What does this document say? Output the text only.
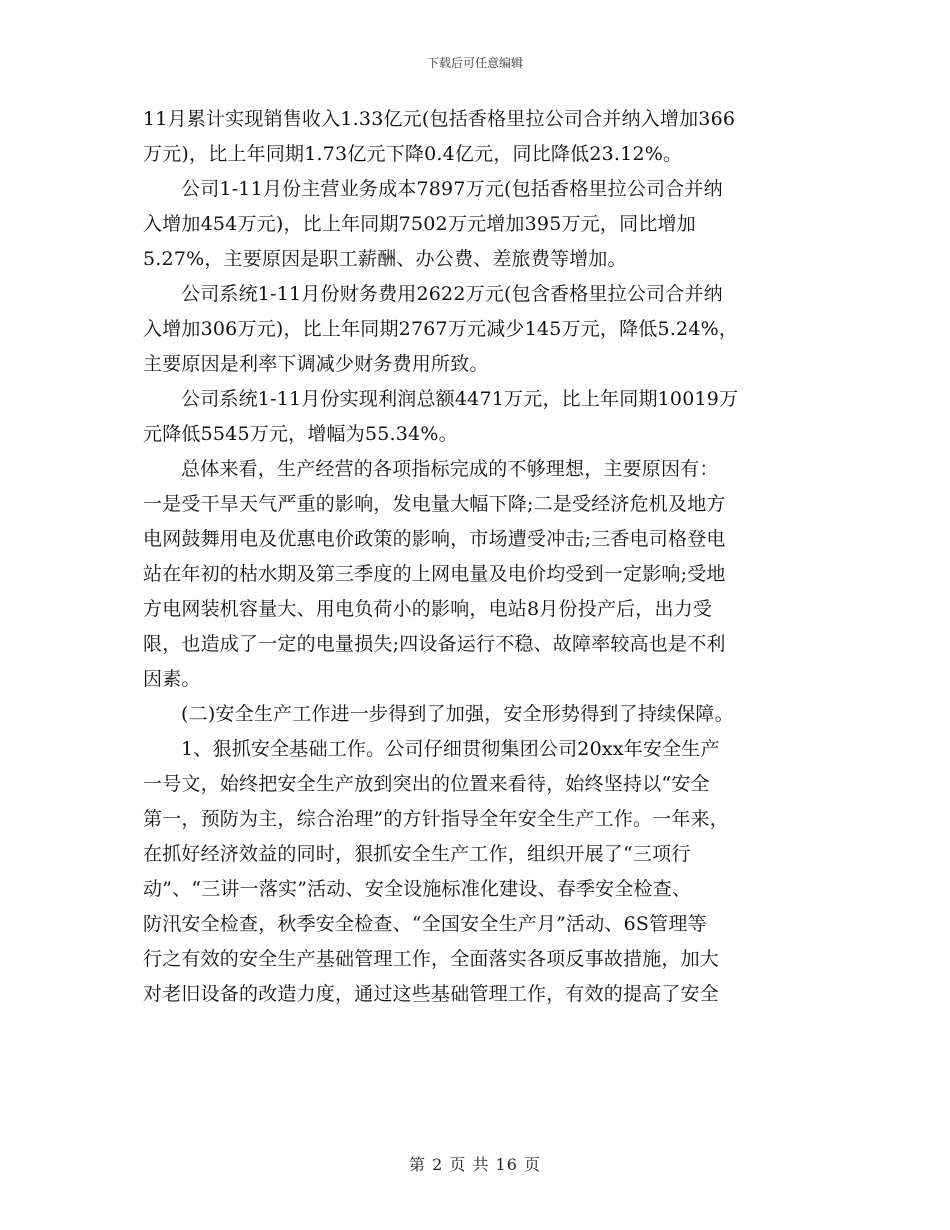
下载后可任意编辑
11月累计实现销售收入1.33亿元(包括香格里拉公司合并纳入增加366
万元)，比上年同期1.73亿元下降0.4亿元，同比降低23.12%。
公司1-11月份主营业务成本7897万元(包括香格里拉公司合并纳
入增加454万元)，比上年同期7502万元增加395万元，同比增加
5.27%，主要原因是职工薪酬、办公费、差旅费等增加。
公司系统1-11月份财务费用2622万元(包含香格里拉公司合并纳
入增加306万元)，比上年同期2767万元减少145万元，降低5.24%，
主要原因是利率下调减少财务费用所致。
公司系统1-11月份实现利润总额4471万元，比上年同期10019万
元降低5545万元，增幅为55.34%。
总体来看，生产经营的各项指标完成的不够理想，主要原因有：
一是受干旱天气严重的影响，发电量大幅下降;二是受经济危机及地方
电网鼓舞用电及优惠电价政策的影响，市场遭受冲击;三香电司格登电
站在年初的枯水期及第三季度的上网电量及电价均受到一定影响;受地
方电网装机容量大、用电负荷小的影响，电站8月份投产后，出力受
限，也造成了一定的电量损失;四设备运行不稳、故障率较高也是不利
因素。
(二)安全生产工作进一步得到了加强，安全形势得到了持续保障。
1、狠抓安全基础工作。公司仔细贯彻集团公司20xx年安全生产
一号文，始终把安全生产放到突出的位置来看待，始终坚持以“安全
第一，预防为主，综合治理”的方针指导全年安全生产工作。一年来，
在抓好经济效益的同时，狠抓安全生产工作，组织开展了“三项行
动”、“三讲一落实”活动、安全设施标准化建设、春季安全检查、
防汛安全检查，秋季安全检查、“全国安全生产月”活动、6S管理等
行之有效的安全生产基础管理工作，全面落实各项反事故措施，加大
对老旧设备的改造力度，通过这些基础管理工作，有效的提高了安全
第 2 页 共 16 页
